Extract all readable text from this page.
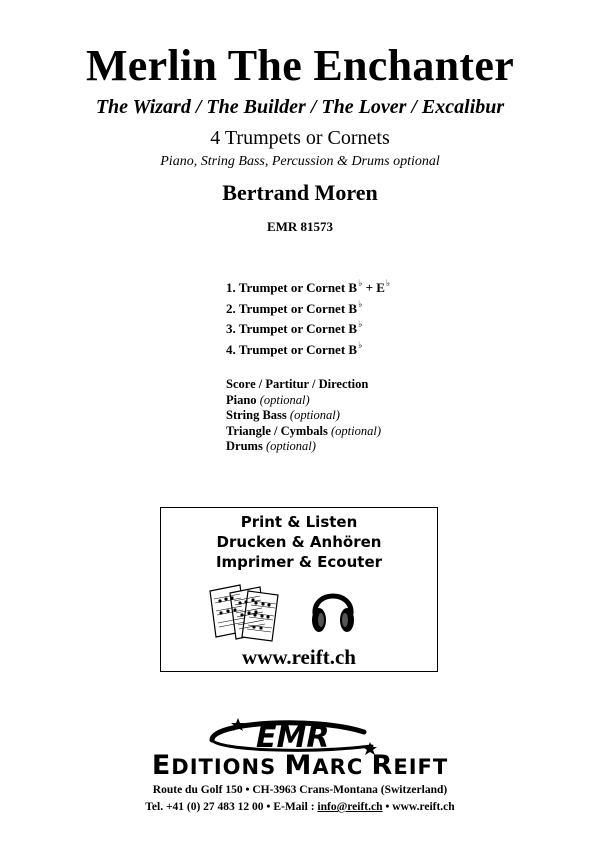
Merlin The Enchanter
The Wizard / The Builder / The Lover / Excalibur
4 Trumpets or Cornets
Piano, String Bass, Percussion & Drums optional
Bertrand Moren
EMR 81573
1. Trumpet or Cornet B♭ + E♭
2. Trumpet or Cornet B♭
3. Trumpet or Cornet B♭
4. Trumpet or Cornet B♭
Score / Partitur / Direction
Piano (optional)
String Bass (optional)
Triangle / Cymbals (optional)
Drums (optional)
Print & Listen
Drucken & Anhören
Imprimer & Ecouter
www.reift.ch
EMR
EDITIONS MARC REIFT
Route du Golf 150 • CH-3963 Crans-Montana (Switzerland)
Tel. +41 (0) 27 483 12 00 • E-Mail : info@reift.ch • www.reift.ch
